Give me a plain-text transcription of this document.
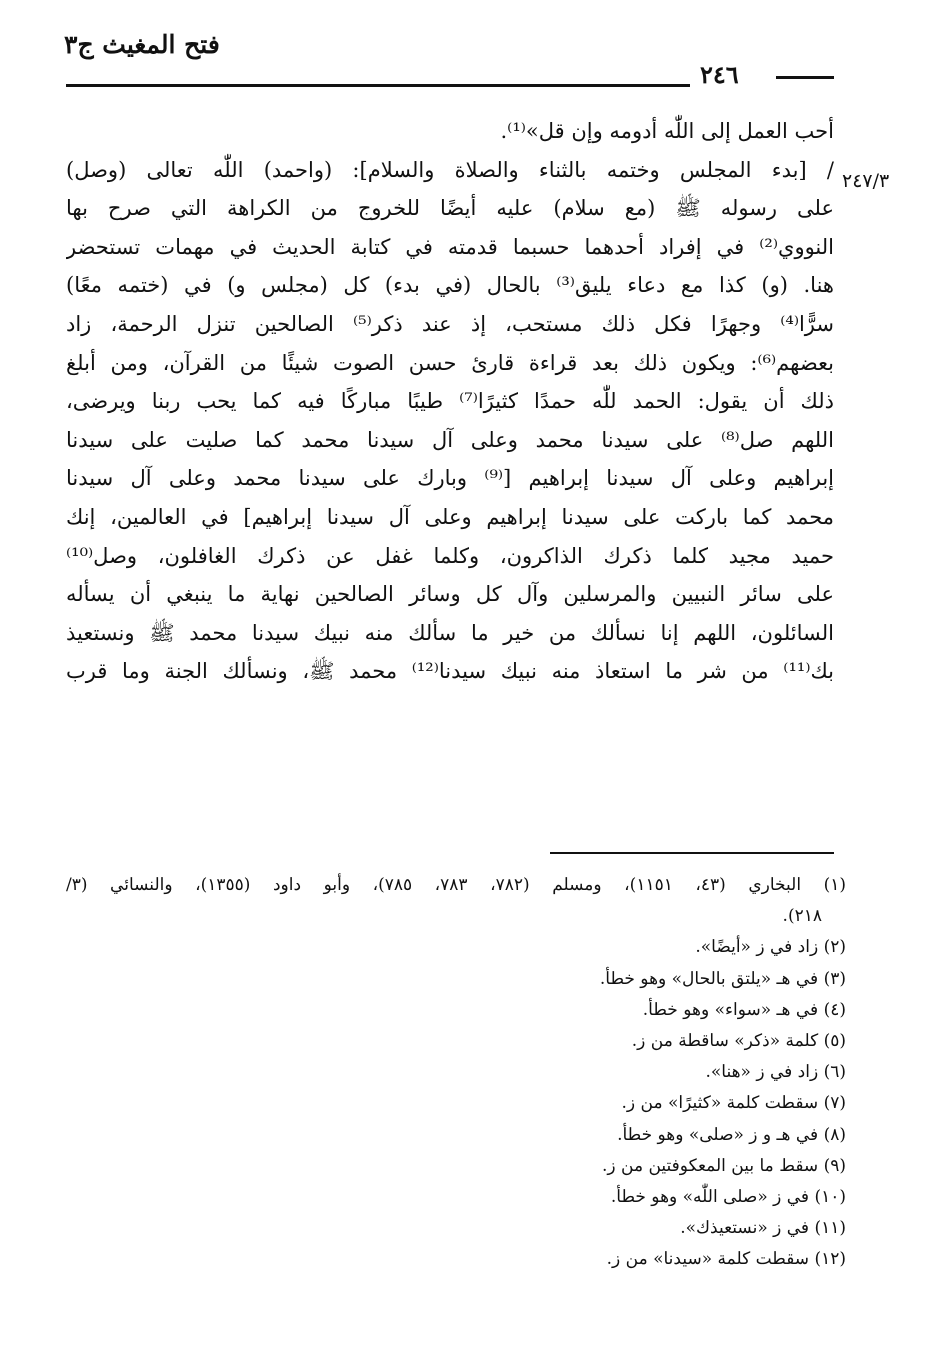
فتح المغيث ج٣
٢٤٦
٢٤٧/٣
أحب العمل إلى اللّٰه أدومه وإن قل»⁽¹⁾.
/ [بدء المجلس وختمه بالثناء والصلاة والسلام]: (واحمد) اللّٰه تعالى (وصل)
على رسوله ﷺ (مع سلام) عليه أيضًا للخروج من الكراهة التي صرح بها
النووي⁽²⁾ في إفراد أحدهما حسبما قدمته في كتابة الحديث في مهمات تستحضر
هنا. (و) كذا مع دعاء يليق⁽³⁾ بالحال (في بدء) كل (مجلس و) في (ختمه معًا)
سرًّا⁽⁴⁾ وجهرًا فكل ذلك مستحب، إذ عند ذكر⁽⁵⁾ الصالحين تنزل الرحمة، زاد
بعضهم⁽⁶⁾: ويكون ذلك بعد قراءة قارئ حسن الصوت شيئًا من القرآن، ومن أبلغ
ذلك أن يقول: الحمد للّٰه حمدًا كثيرًا⁽⁷⁾ طيبًا مباركًا فيه كما يحب ربنا ويرضى،
اللهم صل⁽⁸⁾ على سيدنا محمد وعلى آل سيدنا محمد كما صليت على سيدنا
إبراهيم وعلى آل سيدنا إبراهيم [⁽⁹⁾ وبارك على سيدنا محمد وعلى آل سيدنا
محمد كما باركت على سيدنا إبراهيم وعلى آل سيدنا إبراهيم] في العالمين، إنك
حميد مجيد كلما ذكرك الذاكرون، وكلما غفل عن ذكرك الغافلون، وصل⁽¹⁰⁾
على سائر النبيين والمرسلين وآل كل وسائر الصالحين نهاية ما ينبغي أن يسأله
السائلون، اللهم إنا نسألك من خير ما سألك منه نبيك سيدنا محمد ﷺ ونستعيذ
بك⁽¹¹⁾ من شر ما استعاذ منه نبيك سيدنا⁽¹²⁾ محمد ﷺ، ونسألك الجنة وما قرب
(١) البخاري (٤٣، ١١٥١)، ومسلم (٧٨٢، ٧٨٣، ٧٨٥)، وأبو داود (١٣٥٥)، والنسائي (٣/
٢١٨).
(٢) زاد في ز «أيضًا».
(٣) في هـ «يلتق بالحال» وهو خطأ.
(٤) في هـ «سواء» وهو خطأ.
(٥) كلمة «ذكر» ساقطة من ز.
(٦) زاد في ز «هنا».
(٧) سقطت كلمة «كثيرًا» من ز.
(٨) في هـ و ز «صلى» وهو خطأ.
(٩) سقط ما بين المعكوفتين من ز.
(١٠) في ز «صلى اللّٰه» وهو خطأ.
(١١) في ز «نستعيذك».
(١٢) سقطت كلمة «سيدنا» من ز.
